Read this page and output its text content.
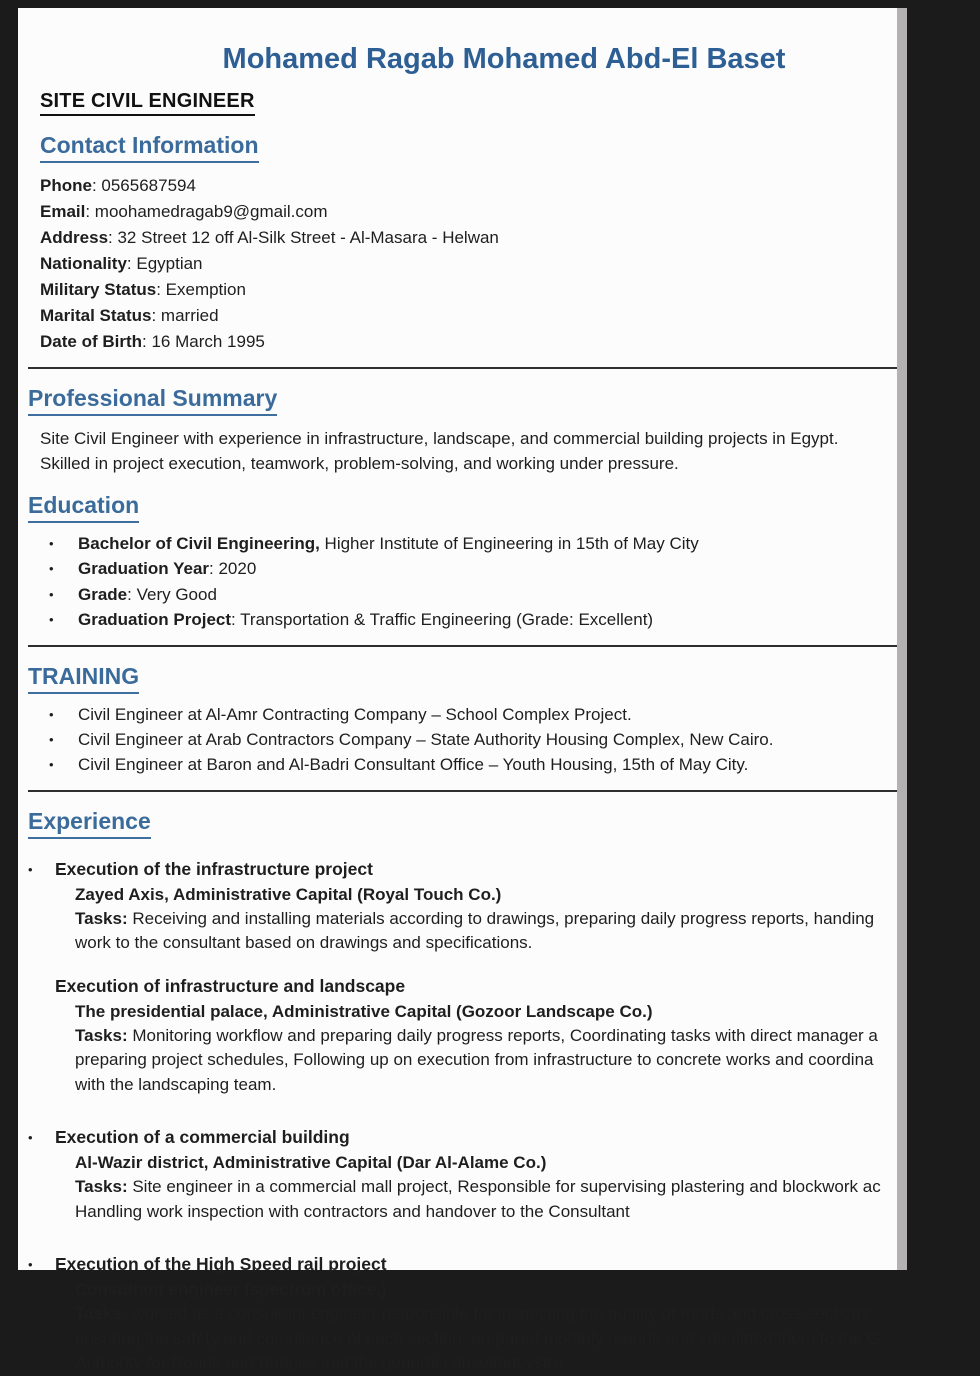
Mohamed Ragab Mohamed Abd-El Baset
SITE CIVIL ENGINEER
Contact Information
Phone: 0565687594
Email: moohamedragab9@gmail.com
Address: 32 Street 12 off Al-Silk Street - Al-Masara - Helwan
Nationality: Egyptian
Military Status: Exemption
Marital Status: married
Date of Birth: 16 March 1995
Professional Summary
Site Civil Engineer with experience in infrastructure, landscape, and commercial building projects in Egypt.
Skilled in project execution, teamwork, problem-solving, and working under pressure.
Education
• Bachelor of Civil Engineering, Higher Institute of Engineering in 15th of May City
• Graduation Year: 2020
• Grade: Very Good
• Graduation Project: Transportation & Traffic Engineering (Grade: Excellent)
TRAINING
• Civil Engineer at Al-Amr Contracting Company – School Complex Project.
• Civil Engineer at Arab Contractors Company – State Authority Housing Complex, New Cairo.
• Civil Engineer at Baron and Al-Badri Consultant Office – Youth Housing, 15th of May City.
Experience
•	Execution of the infrastructure project
Zayed Axis, Administrative Capital (Royal Touch Co.)
Tasks: Receiving and installing materials according to drawings, preparing daily progress reports, handing
work to the consultant based on drawings and specifications.
Execution of infrastructure and landscape
The presidential palace, Administrative Capital (Gozoor Landscape Co.)
Tasks: Monitoring workflow and preparing daily progress reports, Coordinating tasks with direct manager a
preparing project schedules, Following up on execution from infrastructure to concrete works and coordina
with the landscaping team.
•	Execution of a commercial building
Al-Wazir district, Administrative Capital (Dar Al-Alame Co.)
Tasks: Site engineer in a commercial mall project, Responsible for supervising plastering and blockwork ac
Handling work inspection with contractors and handover to the Consultant
•	Execution of the High Speed rail project
Consultant engineer (spectrum office.)
Tasks: worked as a consultant engineer responsible for inspecting the quality of roads and cross-sections,
ensuring the safety and compliance of each section, prepared monthly reports and submitted them to the G
Authority for Roads and Bridges and the general consultant ystra
